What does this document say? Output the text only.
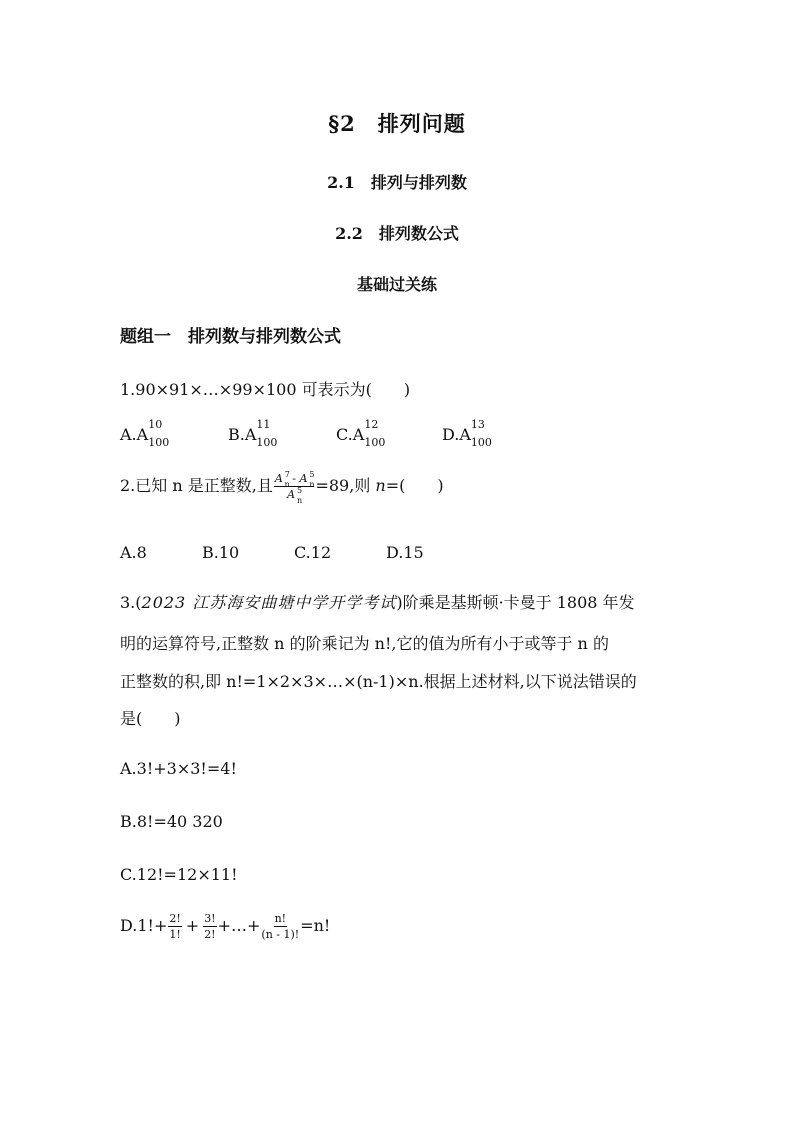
§2　排列问题
2.1　排列与排列数
2.2　排列数公式
基础过关练
题组一　排列数与排列数公式
1.90×91×…×99×100 可表示为(　　)
A.A
10
100	B.A
11
100	C.A
12
100	D.A
13
100
2.已知 n 是正整数,且 A 7
n - A 5
n
A 5
n =89,则 n=(　　)
A.8	B.10	C.12	D.15
3.(2023 江苏海安曲塘中学开学考试)阶乘是基斯顿·卡曼于 1808 年发
明的运算符号,正整数 n 的阶乘记为 n!,它的值为所有小于或等于 n 的
正整数的积,即 n!=1×2×3×…×(n-1)×n.根据上述材料,以下说法错误的
是(　　)
A.3!+3×3!=4!
B.8!=40 320
C.12!=12×11!
$D.1!+ \frac{2!}{1!} + \frac{3!}{2!}$ +…+ $\frac{n!}{(n - 1)!} =n$!
